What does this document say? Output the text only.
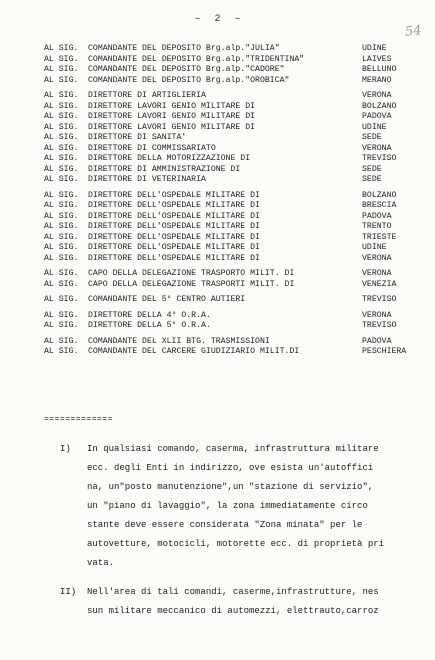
– 2 –
54
AL SIG. COMANDANTE DEL DEPOSITO Brg.alp."JULIA"	UDINE
AL SIG. COMANDANTE DEL DEPOSITO Brg.alp."TRIDENTINA"	LAIVES
AL SIG. COMANDANTE DEL DEPOSITO Brg.alp."CADORE"	BELLUNO
AL SIG. COMANDANTE DEL DEPOSITO Brg.alp."OROBICA"	MERANO
AL SIG. DIRETTORE DI ARTIGLIERIA	VERONA
AL SIG. DIRETTORE LAVORI GENIO MILITARE DI	BOLZANO
AL SIG. DIRETTORE LAVORI GENIO MILITARE DI	PADOVA
AL SIG. DIRETTORE LAVORI GENIO MILITARE DI	UDINE
AL SIG. DIRETTORE DI SANITA'	SEDE
AL SIG. DIRETTORE DI COMMISSARIATO	VERONA
AL SIG. DIRETTORE DELLA MOTORIZZAZIONE DI	TREVISO
AL SIG. DIRETTORE DI AMMINISTRAZIONE DI	SEDE
AL SIG. DIRETTORE DI VETERINARIA	SEDE
AL SIG. DIRETTORE DELL'OSPEDALE MILITARE DI	BOLZANO
AL SIG. DIRETTORE DELL'OSPEDALE MILITARE DI	BRESCIA
AL SIG. DIRETTORE DELL'OSPEDALE MILITARE DI	PADOVA
AL SIG. DIRETTORE DELL'OSPEDALE MILITARE DI	TRENTO
AL SIG. DIRETTORE DELL'OSPEDALE MILITARE DI	TRIESTE
AL SIG. DIRETTORE DELL'OSPEDALE MILITARE DI	UDINE
AL SIG. DIRETTORE DELL'OSPEDALE MILITARE DI	VERONA
AL SIG. CAPO DELLA DELEGAZIONE TRASPORTO MILIT. DI	VERONA
AL SIG. CAPO DELLA DELEGAZIONE TRASPORTI MILIT. DI	VENEZIA
AL SIG. COMANDANTE DEL 5° CENTRO AUTIERI	TREVISO
AL SIG. DIRETTORE DELLA 4° O.R.A.	VERONA
AL SIG. DIRETTORE DELLA 5° O.R.A.	TREVISO
AL SIG. COMANDANTE DEL XLII BTG. TRASMISSIONI	PADOVA
AL SIG. COMANDANTE DEL CARCERE GIUDIZIARIO MILIT.DI	PESCHIERA
=============
I) In qualsiasi comando, caserma, infrastruttura militare
ecc. degli Enti in indirizzo, ove esista un'autoffici
na, un"posto manutenzione",un "stazione di servizio",
un "piano di lavaggio", la zona immediatamente circo
stante deve essere considerata "Zona minata" per le
autovetture, motocicli, motorette ecc. di proprietà pri
vata.
II) Nell'area di tali comandi, caserme,infrastrutture, nes
sun militare meccanico di automezzi, elettrauto,carroz
